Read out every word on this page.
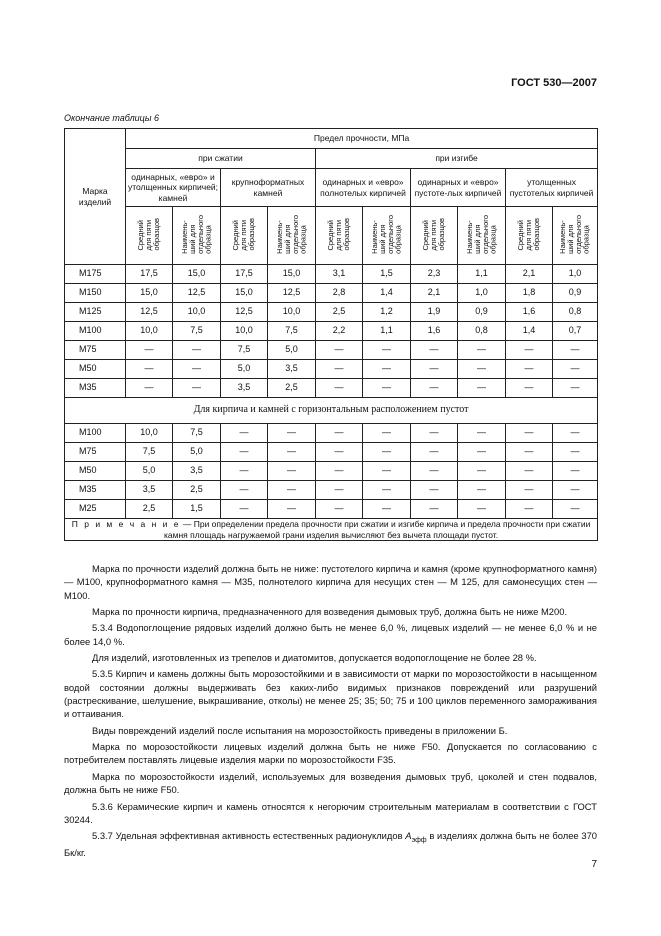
ГОСТ 530—2007
Окончание таблицы 6
Марка
изделий	Предел прочности, МПа									
	при сжатии				при изгибе					
	одинарных, «евро» и утолщенных кирпичей; камней		крупноформатных камней		одинарных и «евро» полнотелых кирпичей		одинарных и «евро» пустоте-лых кирпичей		утолщенных пустотелых кирпичей	
	Средний
для пяти
образцов	Наимень-
ший для
отдельного
образца	Средний
для пяти
образцов	Наимень-
ший для
отдельного
образца	Средний
для пяти
образцов	Наимень-
ший для
отдельного
образца	Средний
для пяти
образцов	Наимень-
ший для
отдельного
образца	Средний
для пяти
образцов	Наимень-
ший для
отдельного
образца
М175	17,5	15,0	17,5	15,0	3,1	1,5	2,3	1,1	2,1	1,0
М150	15,0	12,5	15,0	12,5	2,8	1,4	2,1	1,0	1,8	0,9
М125	12,5	10,0	12,5	10,0	2,5	1,2	1,9	0,9	1,6	0,8
М100	10,0	7,5	10,0	7,5	2,2	1,1	1,6	0,8	1,4	0,7
М75	—	—	7,5	5,0	—	—	—	—	—	—
М50	—	—	5,0	3,5	—	—	—	—	—	—
М35	—	—	3,5	2,5	—	—	—	—	—	—
Для кирпича и камней с горизонтальным расположением пустот										
М100	10,0	7,5	—	—	—	—	—	—	—	—
М75	7,5	5,0	—	—	—	—	—	—	—	—
М50	5,0	3,5	—	—	—	—	—	—	—	—
М35	3,5	2,5	—	—	—	—	—	—	—	—
М25	2,5	1,5	—	—	—	—	—	—	—	—
П р и м е ч а н и е — При определении предела прочности при сжатии и изгибе кирпича и предела прочности при сжатии камня площадь нагружаемой грани изделия вычисляют без вычета площади пустот.										

Марка по прочности изделий должна быть не ниже: пустотелого кирпича и камня (кроме крупноформатного камня) — М100, крупноформатного камня — М35, полнотелого кирпича для несущих стен — М 125, для самонесущих стен — М100.

Марка по прочности кирпича, предназначенного для возведения дымовых труб, должна быть не ниже М200.

5.3.4 Водопоглощение рядовых изделий должно быть не менее 6,0 %, лицевых изделий — не менее 6,0 % и не более 14,0 %.

Для изделий, изготовленных из трепелов и диатомитов, допускается водопоглощение не более 28 %.

5.3.5 Кирпич и камень должны быть морозостойкими и в зависимости от марки по морозостойкости в насыщенном водой состоянии должны выдерживать без каких-либо видимых признаков повреждений или разрушений (растрескивание, шелушение, выкрашивание, отколы) не менее 25; 35; 50; 75 и 100 циклов переменного замораживания и оттаивания.

Виды повреждений изделий после испытания на морозостойкость приведены в приложении Б.

Марка по морозостойкости лицевых изделий должна быть не ниже F50. Допускается по согласованию с потребителем поставлять лицевые изделия марки по морозостойкости F35.

Марка по морозостойкости изделий, используемых для возведения дымовых труб, цоколей и стен подвалов, должна быть не ниже F50.

5.3.6 Керамические кирпич и камень относятся к негорючим строительным материалам в соответствии с ГОСТ 30244.

5.3.7 Удельная эффективная активность естественных радионуклидов $A_{эфф}$ в изделиях должна быть не более 370 Бк/кг.

7
